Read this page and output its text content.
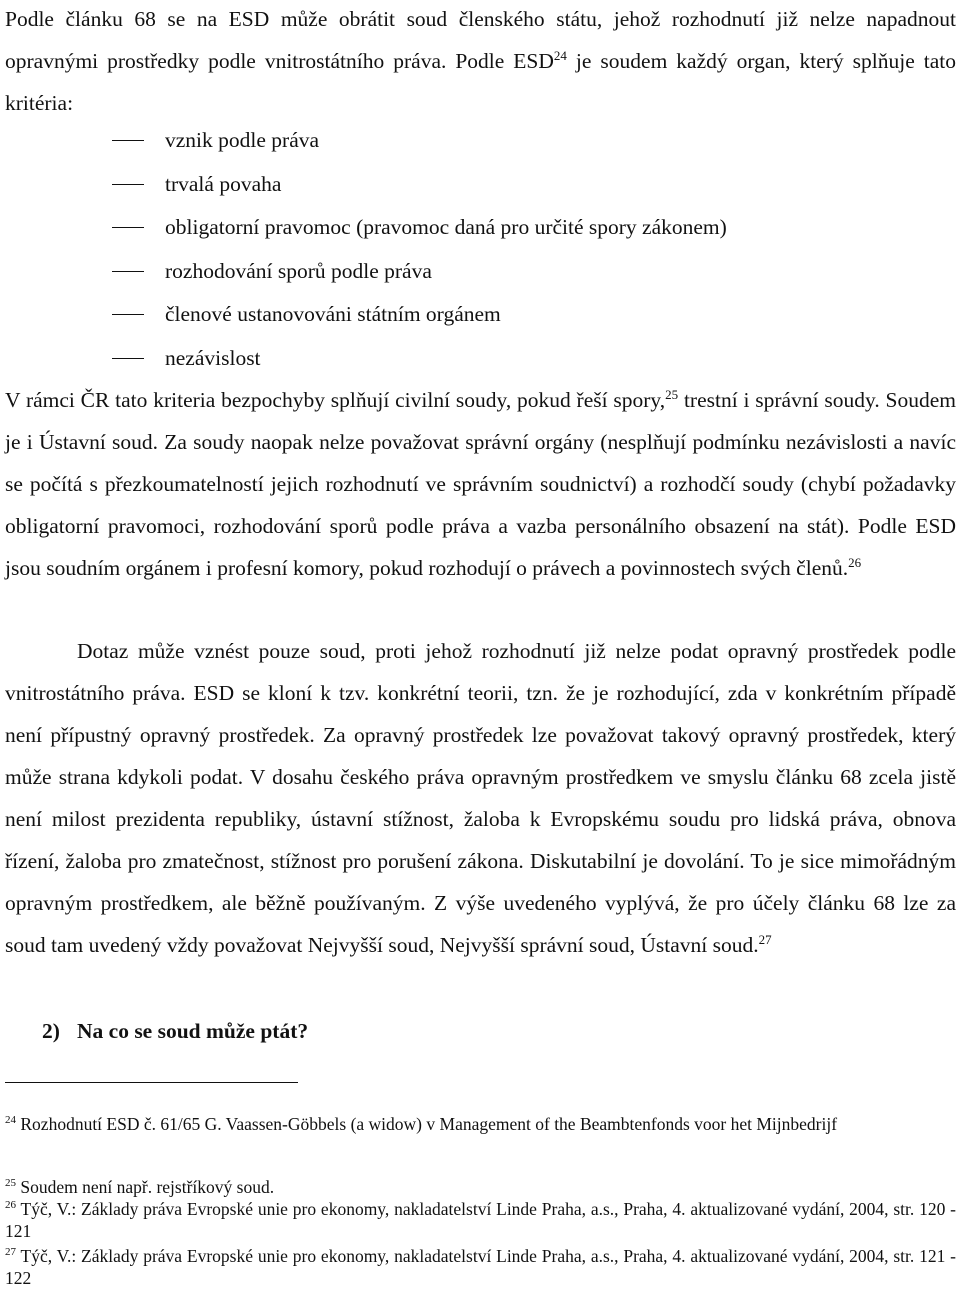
Podle článku 68 se na ESD může obrátit soud členského státu, jehož rozhodnutí již nelze napadnout opravnými prostředky podle vnitrostátního práva. Podle ESD$^{24}$ je soudem každý organ, který splňuje tato kritéria:

vznik podle práva
trvalá povaha
obligatorní pravomoc (pravomoc daná pro určité spory zákonem)
rozhodování sporů podle práva
členové ustanovováni státním orgánem
nezávislost

V rámci ČR tato kriteria bezpochyby splňují civilní soudy, pokud řeší spory,$^{25}$ trestní i správní soudy. Soudem je i Ústavní soud. Za soudy naopak nelze považovat správní orgány (nesplňují podmínku nezávislosti a navíc se počítá s přezkoumatelností jejich rozhodnutí ve správním soudnictví) a rozhodčí soudy (chybí požadavky obligatorní pravomoci, rozhodování sporů podle práva a vazba personálního obsazení na stát). Podle ESD jsou soudním orgánem i profesní komory, pokud rozhodují o právech a povinnostech svých členů.$^{26}$

Dotaz může vznést pouze soud, proti jehož rozhodnutí již nelze podat opravný prostředek podle vnitrostátního práva. ESD se kloní k tzv. konkrétní teorii, tzn. že je rozhodující, zda v konkrétním případě není přípustný opravný prostředek. Za opravný prostředek lze považovat takový opravný prostředek, který může strana kdykoli podat. V dosahu českého práva opravným prostředkem ve smyslu článku 68 zcela jistě není milost prezidenta republiky, ústavní stížnost, žaloba k Evropskému soudu pro lidská práva, obnova řízení, žaloba pro zmatečnost, stížnost pro porušení zákona. Diskutabilní je dovolání. To je sice mimořádným opravným prostředkem, ale běžně používaným. Z výše uvedeného vyplývá, že pro účely článku 68 lze za soud tam uvedený vždy považovat Nejvyšší soud, Nejvyšší správní soud, Ústavní soud.$^{27}$

2) Na co se soud může ptát?

$^{24}$ Rozhodnutí ESD č. 61/65 G. Vaassen-Göbbels (a widow) v Management of the Beambtenfonds voor het Mijnbedrijf

$^{25}$ Soudem není např. rejstříkový soud.

$^{26}$ Týč, V.: Základy práva Evropské unie pro ekonomy, nakladatelství Linde Praha, a.s., Praha, 4. aktualizované vydání, 2004, str. 120 - 121

$^{27}$ Týč, V.: Základy práva Evropské unie pro ekonomy, nakladatelství Linde Praha, a.s., Praha, 4. aktualizované vydání, 2004, str. 121 - 122
